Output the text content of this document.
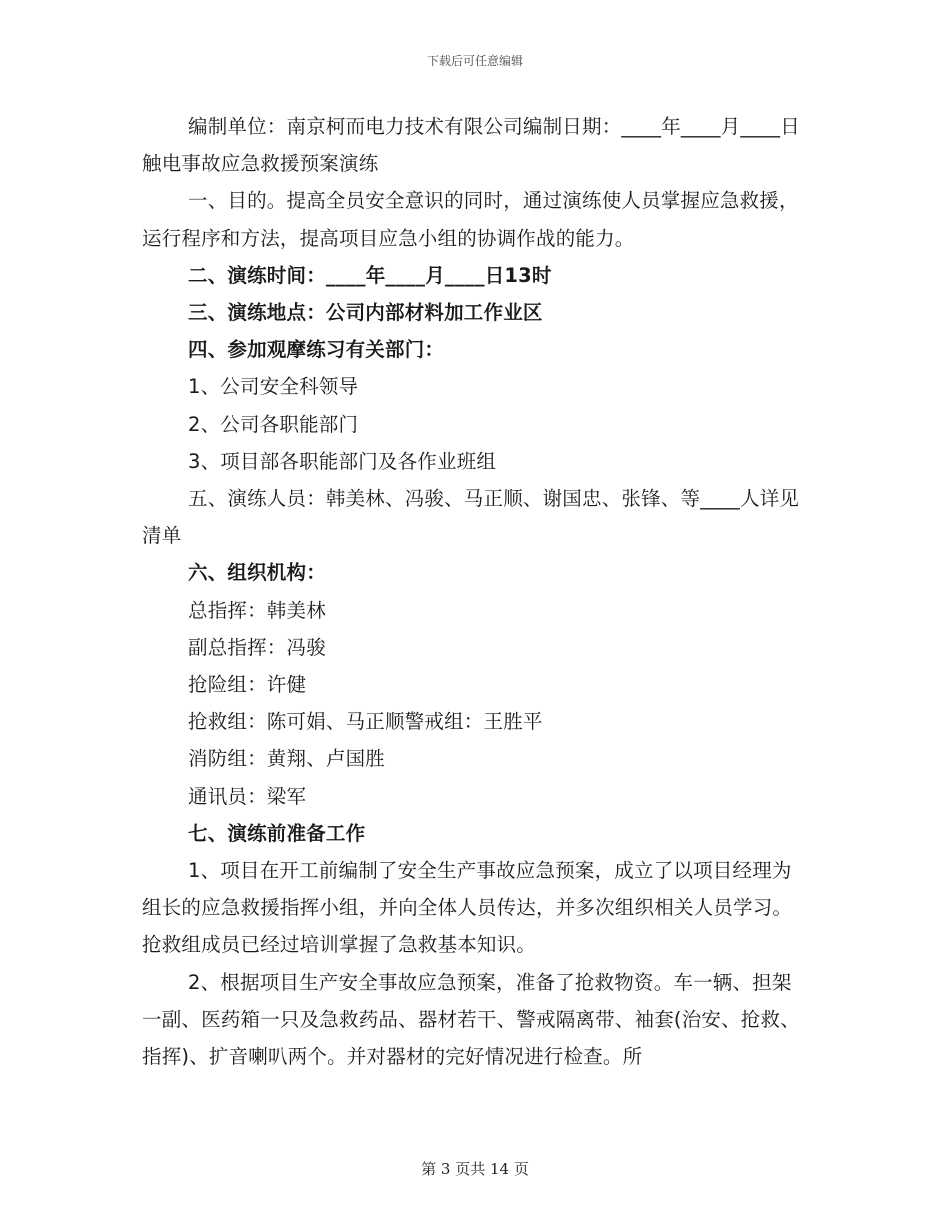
下载后可任意编辑

编制单位：南京柯而电力技术有限公司编制日期：____年____月____日触电事故应急救援预案演练

一、目的。提高全员安全意识的同时，通过演练使人员掌握应急救援，运行程序和方法，提高项目应急小组的协调作战的能力。

二、演练时间：____年____月____日13时

三、演练地点：公司内部材料加工作业区

四、参加观摩练习有关部门：

1、公司安全科领导

2、公司各职能部门

3、项目部各职能部门及各作业班组

五、演练人员：韩美林、冯骏、马正顺、谢国忠、张锋、等____人详见清单

六、组织机构：

总指挥：韩美林

副总指挥：冯骏

抢险组：许健

抢救组：陈可娟、马正顺警戒组：王胜平

消防组：黄翔、卢国胜

通讯员：梁军

七、演练前准备工作

1、项目在开工前编制了安全生产事故应急预案，成立了以项目经理为组长的应急救援指挥小组，并向全体人员传达，并多次组织相关人员学习。抢救组成员已经过培训掌握了急救基本知识。

2、根据项目生产安全事故应急预案，准备了抢救物资。车一辆、担架一副、医药箱一只及急救药品、器材若干、警戒隔离带、袖套(治安、抢救、指挥)、扩音喇叭两个。并对器材的完好情况进行检查。所

第 3 页共 14 页
